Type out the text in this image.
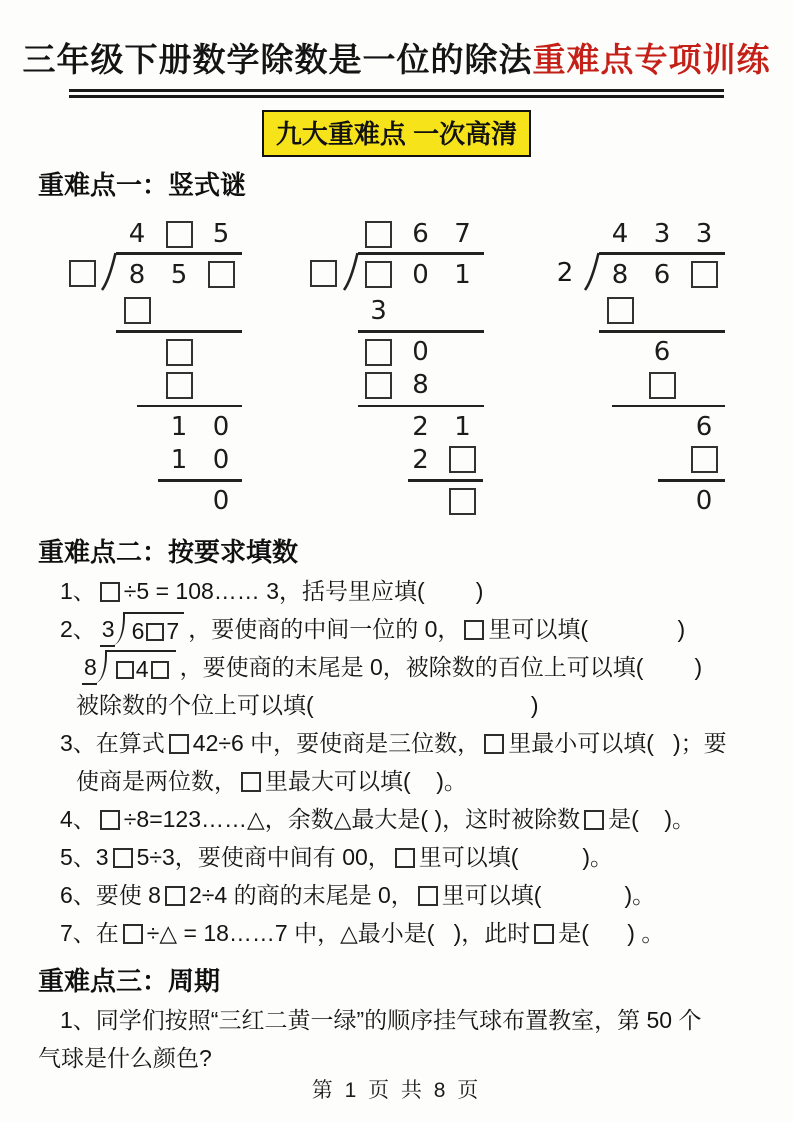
三年级下册数学除数是一位的除法重难点专项训练
九大重难点 一次高清
重难点一：竖式谜
4	5
8 5
1 0
1 0
0
6 7
0 1
3
0
8
2 1
2
4 3 3
2	8 6
6
6
0
重难点二：按要求填数
1、 ÷5 = 108…… 3，括号里应填(        )
2、 3 6 7 ，要使商的中间一位的 0， 里可以填(              )
8 4 ，要使商的末尾是 0，被除数的百位上可以填(        )
被除数的个位上可以填(                                  )
3、在算式 42÷6 中，要使商是三位数， 里最小可以填(   )；要
使商是两位数， 里最大可以填(    )。
4、 ÷8=123……△，余数△最大是( )，这时被除数 是(    )。
5、3 5÷3，要使商中间有 00， 里可以填(          )。
6、要使 8 2÷4 的商的末尾是 0， 里可以填(             )。
7、在 ÷△ = 18……7 中，△最小是(   )，此时 是(      ) 。
重难点三：周期
1、同学们按照“三红二黄一绿”的顺序挂气球布置教室，第 50 个
气球是什么颜色?
第 1 页 共 8 页
